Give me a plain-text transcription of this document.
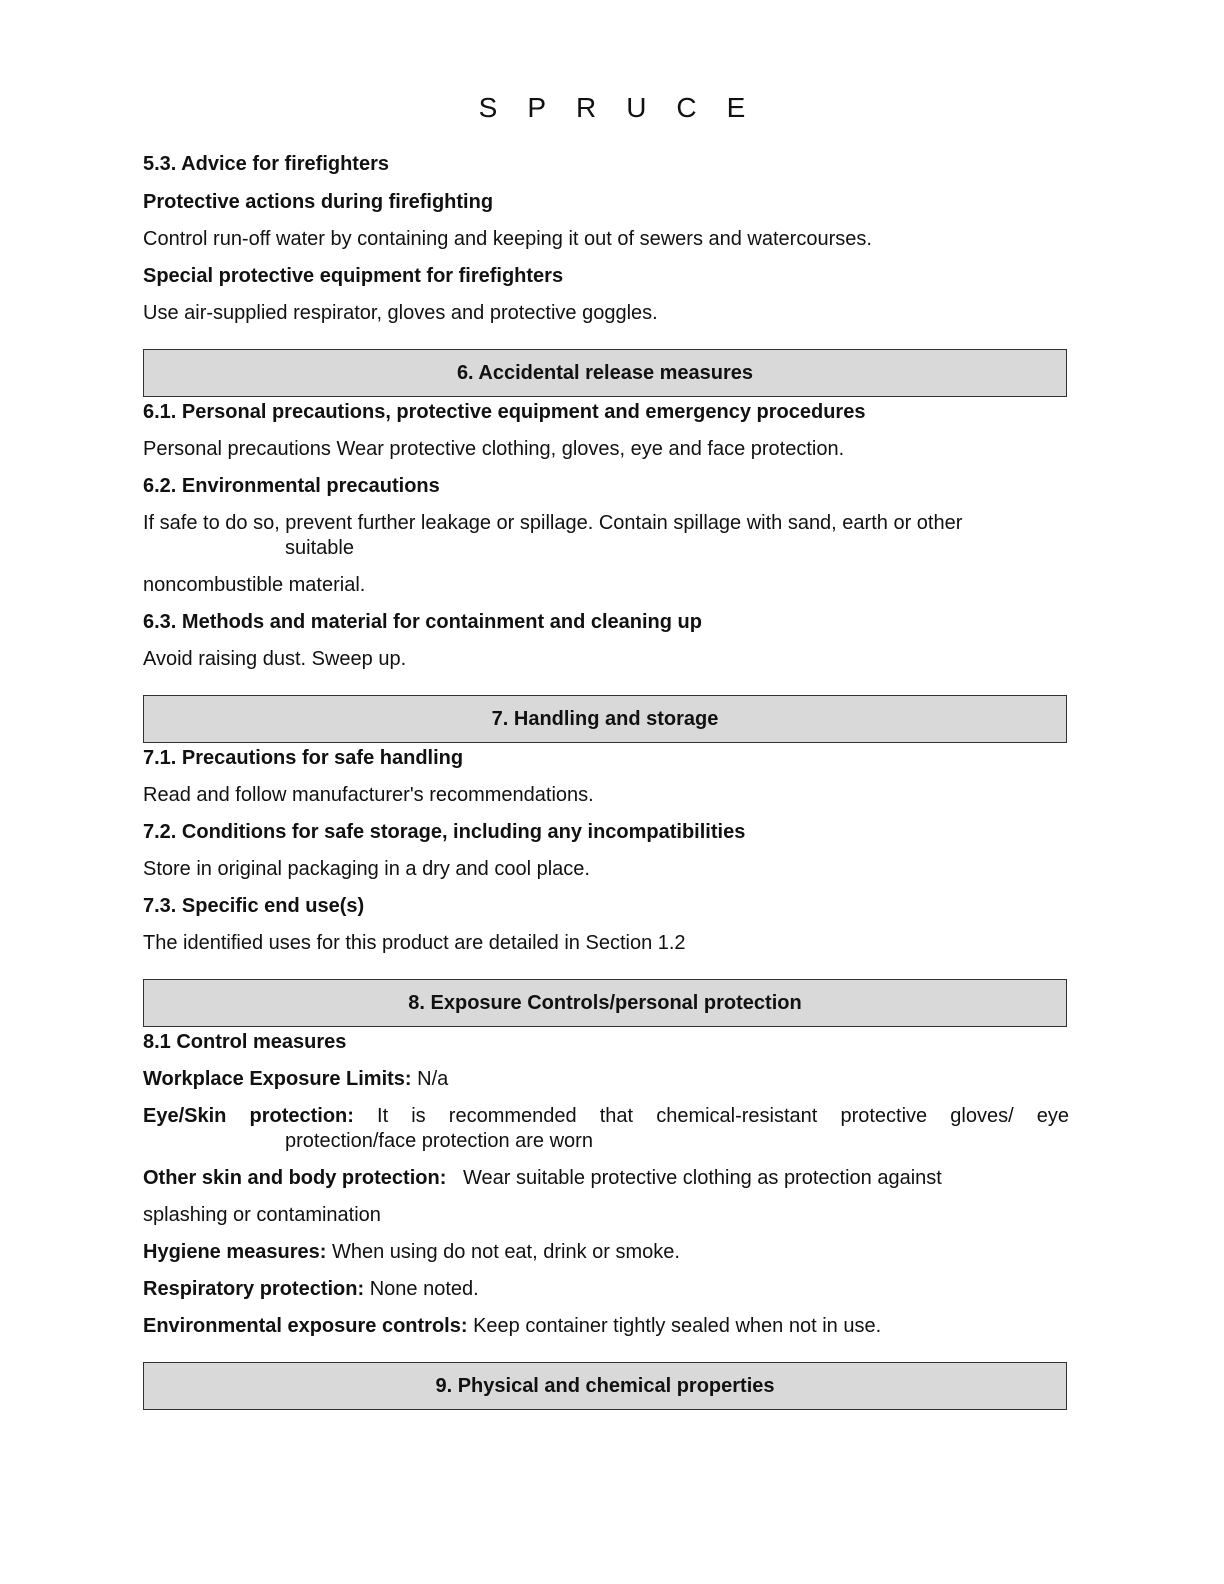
SPRUCE
5.3. Advice for firefighters
Protective actions during firefighting
Control run-off water by containing and keeping it out of sewers and watercourses.
Special protective equipment for firefighters
Use air-supplied respirator, gloves and protective goggles.
6. Accidental release measures
6.1. Personal precautions, protective equipment and emergency procedures
Personal precautions Wear protective clothing, gloves, eye and face protection.
6.2. Environmental precautions
If safe to do so, prevent further leakage or spillage. Contain spillage with sand, earth or other
suitable
noncombustible material.
6.3. Methods and material for containment and cleaning up
Avoid raising dust. Sweep up.
7. Handling and storage
7.1. Precautions for safe handling
Read and follow manufacturer's recommendations.
7.2. Conditions for safe storage, including any incompatibilities
Store in original packaging in a dry and cool place.
7.3. Specific end use(s)
The identified uses for this product are detailed in Section 1.2
8. Exposure Controls/personal protection
8.1 Control measures
Workplace Exposure Limits: N/a
Eye/Skin protection: It is recommended that chemical-resistant protective gloves/ eye
protection/face protection are worn
Other skin and body protection:   Wear suitable protective clothing as protection against
splashing or contamination
Hygiene measures: When using do not eat, drink or smoke.
Respiratory protection: None noted.
Environmental exposure controls: Keep container tightly sealed when not in use.
9. Physical and chemical properties
